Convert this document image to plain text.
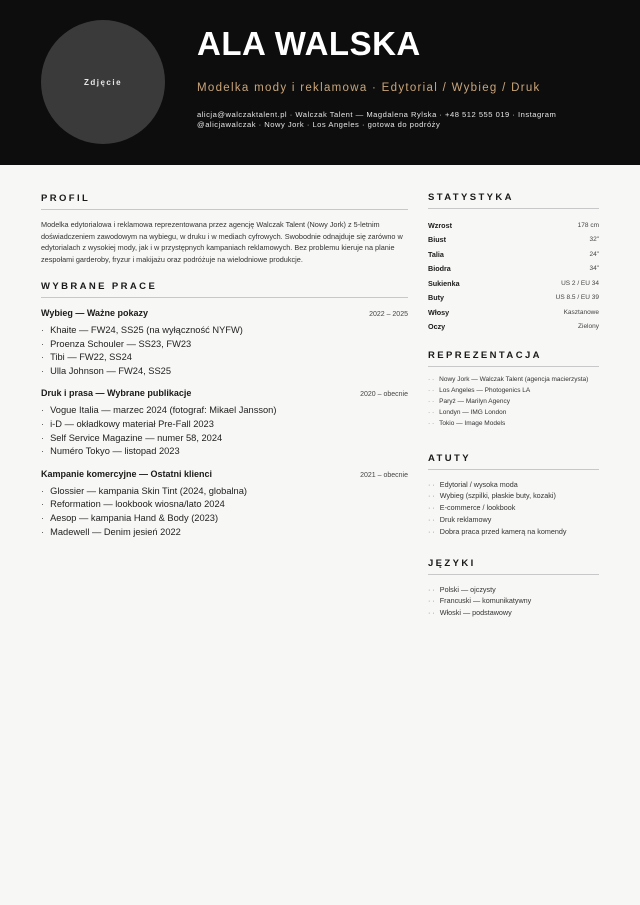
Zdjęcie
ALA WALSKA
Modelka mody i reklamowa · Edytorial / Wybieg / Druk
alicja@walczaktalent.pl · Walczak Talent — Magdalena Rylska · +48 512 555 019 · Instagram
@alicjawalczak · Nowy Jork · Los Angeles · gotowa do podróży
PROFIL

Modelka edytorialowa i reklamowa reprezentowana przez agencję Walczak Talent (Nowy Jork) z 5-letnim doświadczeniem zawodowym na wybiegu, w druku i w mediach cyfrowych. Swobodnie odnajduje się zarówno w edytorialach z wysokiej mody, jak i w przystępnych kampaniach reklamowych. Bez problemu kieruje na planie zespołami garderoby, fryzur i makijażu oraz podróżuje na wielodniowe produkcje.

WYBRANE PRACE
Wybieg — Ważne pokazy	2022 – 2025
· Khaite — FW24, SS25 (na wyłączność NYFW)
· Proenza Schouler — SS23, FW23
· Tibi — FW22, SS24
· Ulla Johnson — FW24, SS25
Druk i prasa — Wybrane publikacje	2020 – obecnie
· Vogue Italia — marzec 2024 (fotograf: Mikael Jansson)
· i-D — okładkowy materiał Pre-Fall 2023
· Self Service Magazine — numer 58, 2024
· Numéro Tokyo — listopad 2023
Kampanie komercyjne — Ostatni klienci	2021 – obecnie
· Glossier — kampania Skin Tint (2024, globalna)
· Reformation — lookbook wiosna/lato 2024
· Aesop — kampania Hand & Body (2023)
· Madewell — Denim jesień 2022
STATYSTYKA
Wzrost	178 cm
Biust	32"
Talia	24"
Biodra	34"
Sukienka	US 2 / EU 34
Buty	US 8.5 / EU 39
Włosy	Kasztanowe
Oczy	Zielony
REPREZENTACJA
· · Nowy Jork — Walczak Talent (agencja macierzysta)
· · Los Angeles — Photogenics LA
· · Paryż — Marilyn Agency
· · Londyn — IMG London
· · Tokio — Image Models
ATUTY
· · Edytorial / wysoka moda
· · Wybieg (szpilki, płaskie buty, kozaki)
· · E-commerce / lookbook
· · Druk reklamowy
· · Dobra praca przed kamerą na komendy
JĘZYKI
· · Polski — ojczysty
· · Francuski — komunikatywny
· · Włoski — podstawowy
